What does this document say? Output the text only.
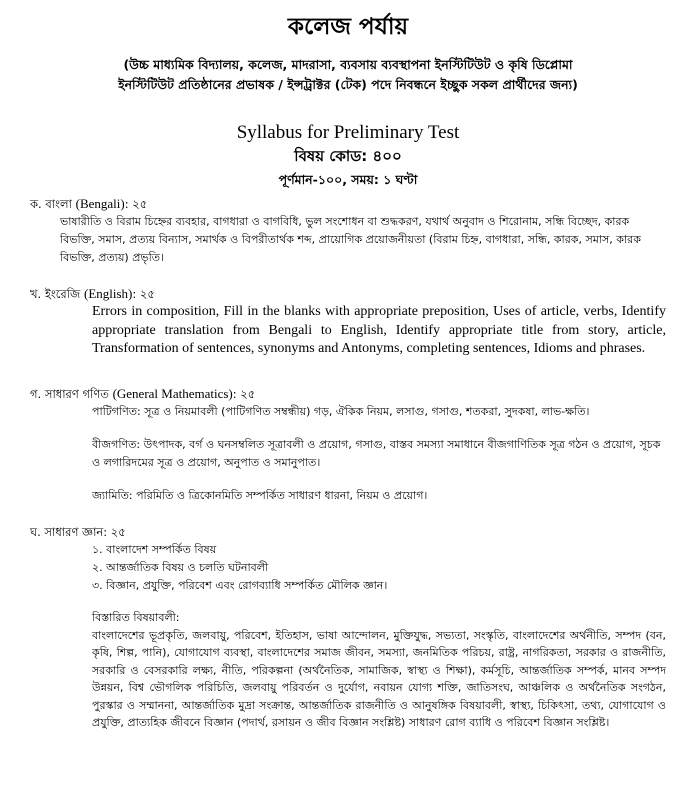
কলেজ পর্যায়

(উচ্চ মাধ্যমিক বিদ্যালয়, কলেজ, মাদরাসা, ব্যবসায় ব্যবস্থাপনা ইনস্টিটিউট ও কৃষি ডিপ্লোমা

ইনস্টিটিউট প্রতিষ্ঠানের প্রভাষক / ইন্সট্রাক্টর (টেক) পদে নিবন্ধনে ইচ্ছুক সকল প্রার্থীদের জন্য)

Syllabus for Preliminary Test

বিষয় কোড: ৪০০

পূর্ণমান-১০০, সময়: ১ ঘণ্টা

ক. বাংলা (Bengali): ২৫

ভাষারীতি ও বিরাম চিহ্নের ব্যবহার, বাগধারা ও বাগবিধি, ভুল সংশোধন বা শুদ্ধকরণ, যথার্থ অনুবাদ ও শিরোনাম, সন্ধি বিচ্ছেদ, কারক বিভক্তি, সমাস, প্রত্যয় বিন্যাস, সমার্থক ও বিপরীতার্থক শব্দ, প্রায়োগিক প্রয়োজনীয়তা (বিরাম চিহ্ন, বাগধারা, সন্ধি, কারক, সমাস, কারক বিভক্তি, প্রত্যয়) প্রভৃতি।

খ. ইংরেজি (English): ২৫

Errors in composition, Fill in the blanks with appropriate preposition, Uses of article, verbs, Identify appropriate translation from Bengali to English, Identify appropriate title from story, article, Transformation of sentences, synonyms and Antonyms, completing sentences, Idioms and phrases.

গ. সাধারণ গণিত (General Mathematics): ২৫

পাটিগণিত: সূত্র ও নিয়মাবলী (পাটিগণিত সম্বন্ধীয়) গড়, ঐকিক নিয়ম, লসাগু, গসাগু, শতকরা, সুদকষা, লাভ-ক্ষতি।

বীজগণিত: উৎপাদক, বর্গ ও ঘনসম্বলিত সূত্রাবলী ও প্রয়োগ, গসাগু, বাস্তব সমস্যা সমাধানে বীজগাণিতিক সূত্র গঠন ও প্রয়োগ, সূচক ও লগারিদমের সূত্র ও প্রয়োগ, অনুপাত ও সমানুপাত।

জ্যামিতি: পরিমিতি ও ত্রিকোনমিতি সম্পর্কিত সাধারণ ধারনা, নিয়ম ও প্রয়োগ।

ঘ. সাধারণ জ্ঞান: ২৫

১. বাংলাদেশ সম্পর্কিত বিষয়
২. আন্তর্জাতিক বিষয় ও চলতি ঘটনাবলী
৩. বিজ্ঞান, প্রযুক্তি, পরিবেশ এবং রোগব্যাধি সম্পর্কিত মৌলিক জ্ঞান।

বিস্তারিত বিষয়াবলী:

বাংলাদেশের ভূপ্রকৃতি, জলবায়ু, পরিবেশ, ইতিহাস, ভাষা আন্দোলন, মুক্তিযুদ্ধ, সভ্যতা, সংস্কৃতি, বাংলাদেশের অর্থনীতি, সম্পদ (বন, কৃষি, শিল্প, পানি), যোগাযোগ ব্যবস্থা, বাংলাদেশের সমাজ জীবন, সমস্যা, জনমিতিক পরিচয়, রাষ্ট্র, নাগরিকতা, সরকার ও রাজনীতি, সরকারি ও বেসরকারি লক্ষ্য, নীতি, পরিকল্পনা (অর্থনৈতিক, সামাজিক, স্বাস্থ্য ও শিক্ষা), কর্মসূচি, আন্তর্জাতিক সম্পর্ক, মানব সম্পদ উন্নয়ন, বিশ্ব ভৌগলিক পরিচিতি, জলবায়ু পরিবর্তন ও দুর্যোগ, নবায়ন যোগ্য শক্তি, জাতিসংঘ, আঞ্চলিক ও অর্থনৈতিক সংগঠন, পুরস্কার ও সম্মাননা, আন্তর্জাতিক মুদ্রা সংক্রান্ত, আন্তর্জাতিক রাজনীতি ও আনুষঙ্গিক বিষয়াবলী, স্বাস্থ্য, চিকিৎসা, তথ্য, যোগাযোগ ও প্রযুক্তি, প্রাত্যহিক জীবনে বিজ্ঞান (পদার্থ, রসায়ন ও জীব বিজ্ঞান সংশ্লিষ্ট) সাধারণ রোগ ব্যাধি ও পরিবেশ বিজ্ঞান সংশ্লিষ্ট।
